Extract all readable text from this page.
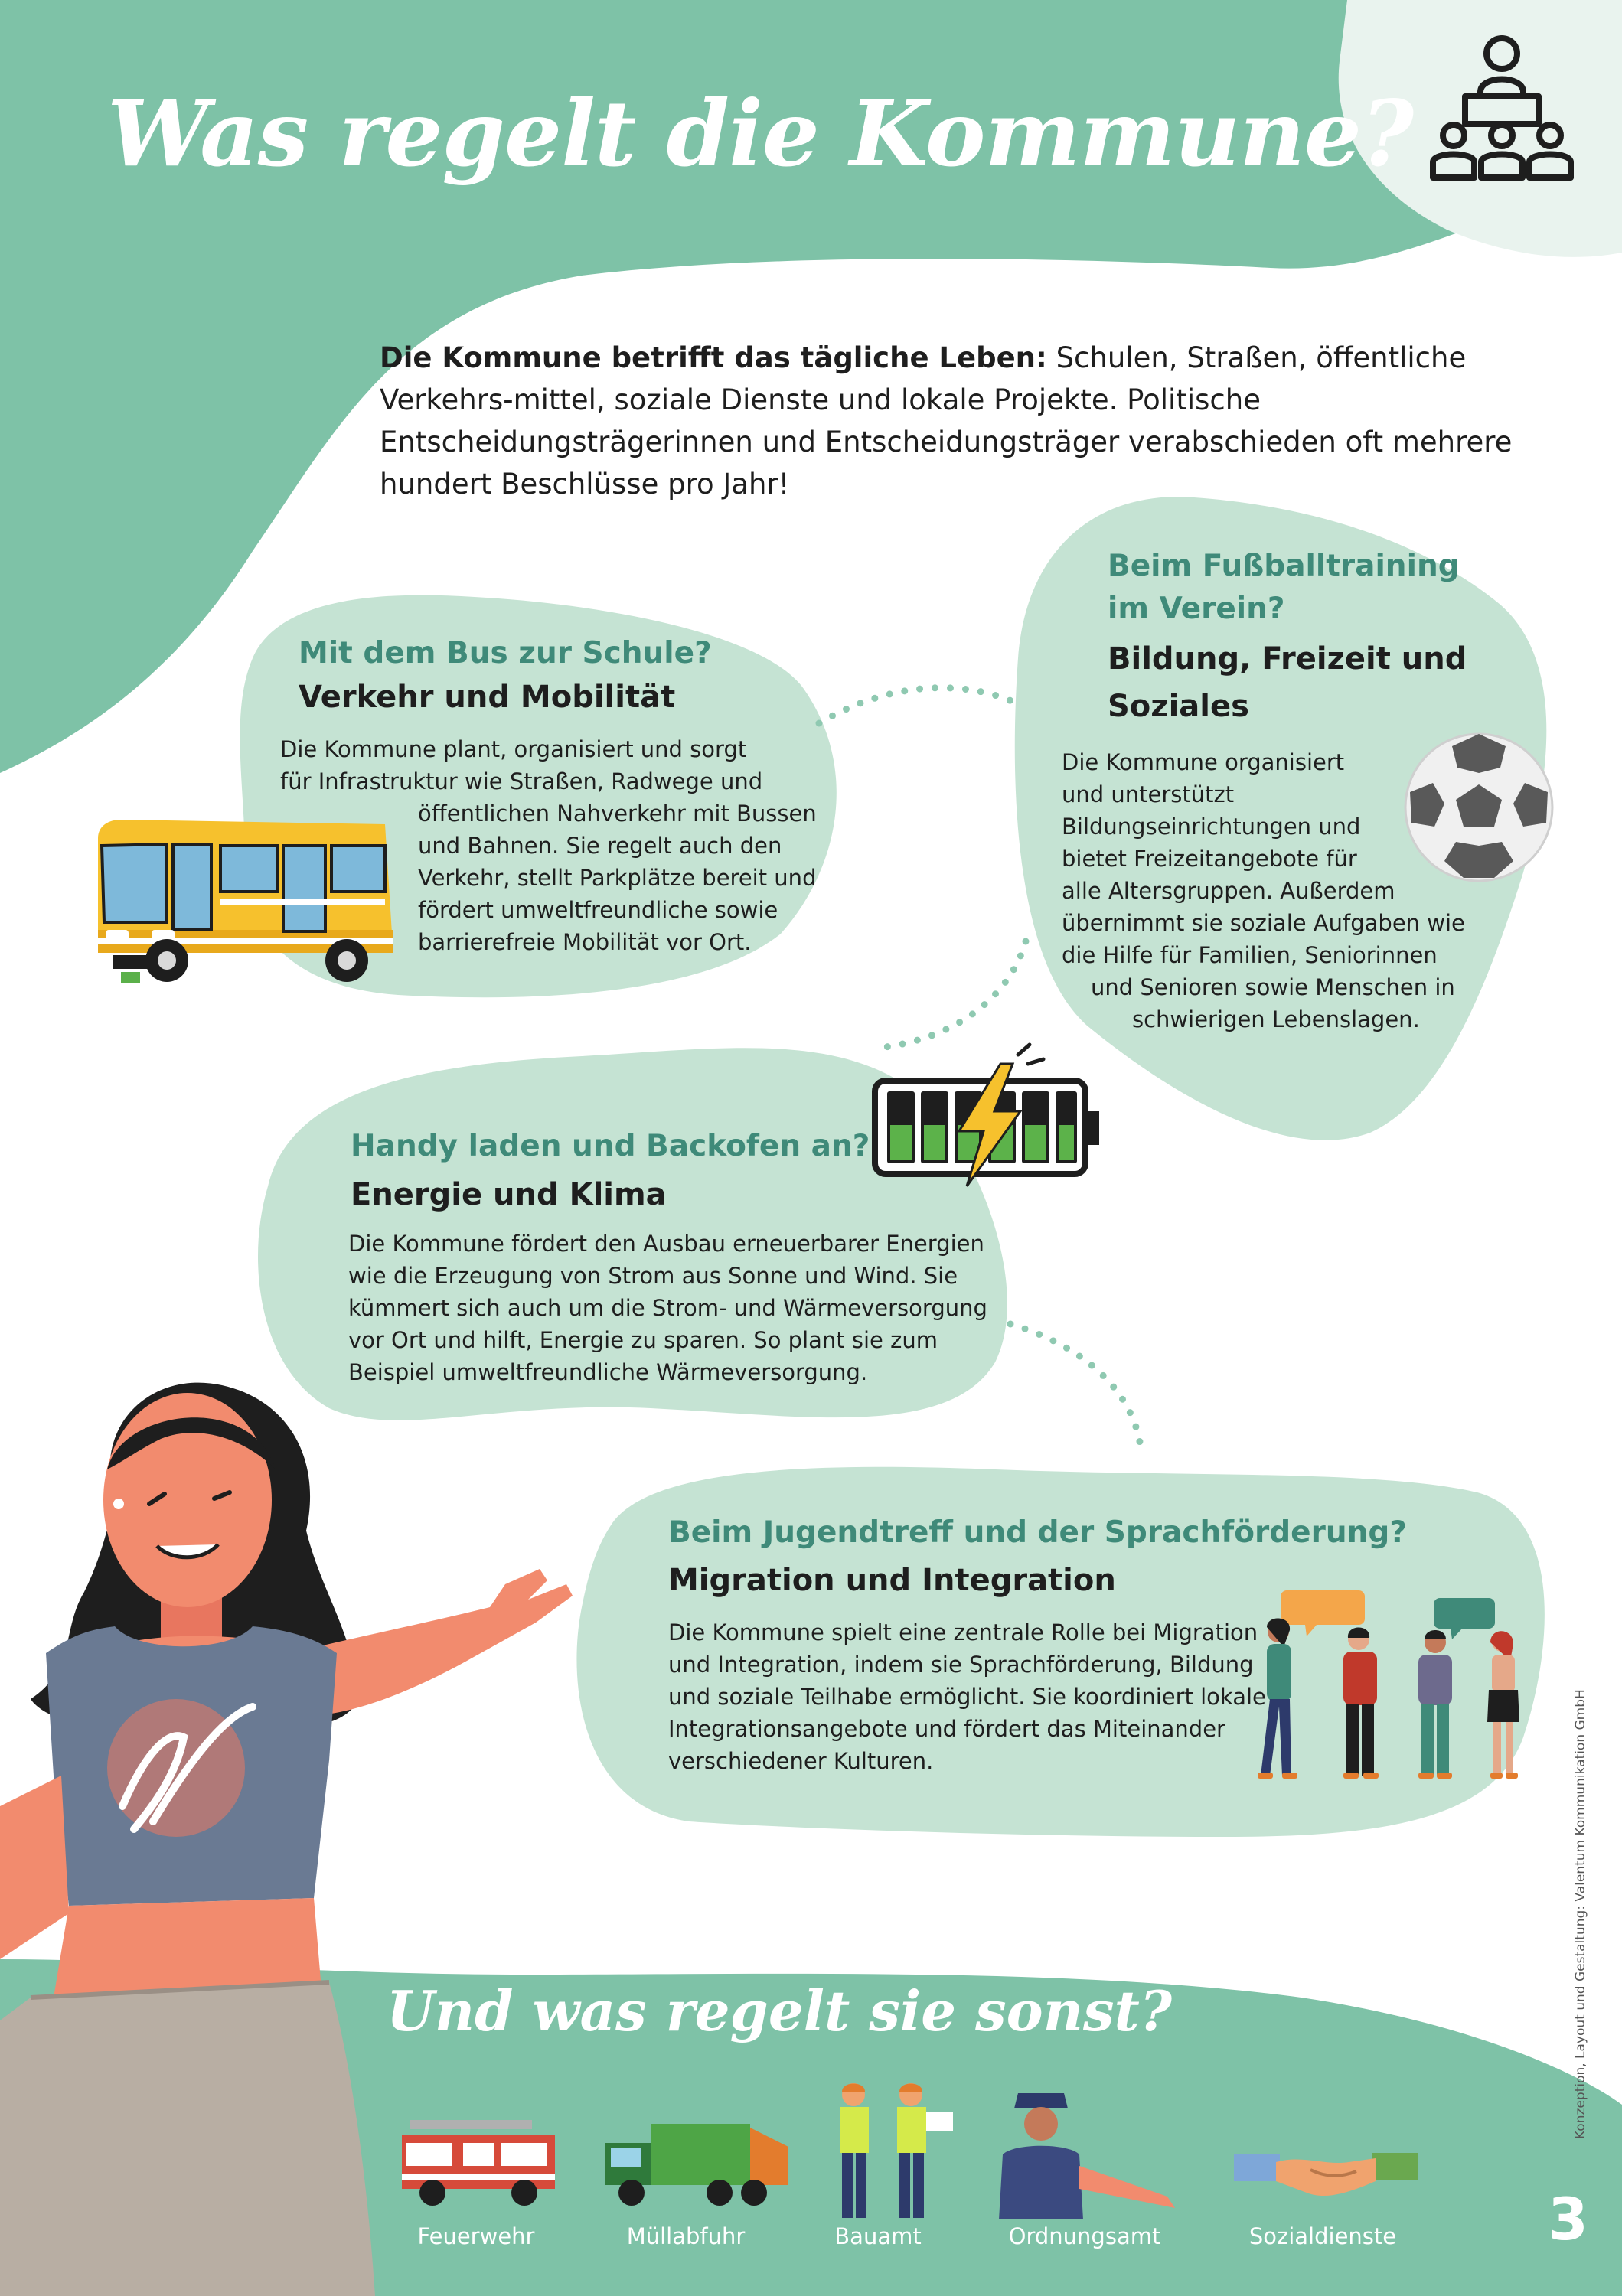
Was regelt die Kommune?
Die Kommune betrifft das tägliche Leben: Schulen, Straßen, öffentliche Verkehrs-mittel, soziale Dienste und lokale Projekte. Politische Entscheidungsträgerinnen und Entscheidungsträger verabschieden oft mehrere hundert Beschlüsse pro Jahr!
Mit dem Bus zur Schule?
Verkehr und Mobilität
Die Kommune plant, organisiert und sorgt
für Infrastruktur wie Straßen, Radwege und
öffentlichen Nahverkehr mit Bussen
und Bahnen. Sie regelt auch den
Verkehr, stellt Parkplätze bereit und
fördert umweltfreundliche sowie
barrierefreie Mobilität vor Ort.
Beim Fußballtraining
im Verein?
Bildung, Freizeit und
Soziales
Die Kommune organisiert
und unterstützt
Bildungseinrichtungen und
bietet Freizeitangebote für
alle Altersgruppen. Außerdem
übernimmt sie soziale Aufgaben wie
die Hilfe für Familien, Seniorinnen
und Senioren sowie Menschen in
schwierigen Lebenslagen.
Handy laden und Backofen an?
Energie und Klima
Die Kommune fördert den Ausbau erneuerbarer Energien
wie die Erzeugung von Strom aus Sonne und Wind. Sie
kümmert sich auch um die Strom- und Wärmeversorgung
vor Ort und hilft, Energie zu sparen. So plant sie zum
Beispiel umweltfreundliche Wärmeversorgung.
Beim Jugendtreff und der Sprachförderung?
Migration und Integration
Die Kommune spielt eine zentrale Rolle bei Migration
und Integration, indem sie Sprachförderung, Bildung
und soziale Teilhabe ermöglicht. Sie koordiniert lokale
Integrationsangebote und fördert das Miteinander
verschiedener Kulturen.
Und was regelt sie sonst?
Feuerwehr	Müllabfuhr	Bauamt	Ordnungsamt	Sozialdienste	3
Konzeption, Layout und Gestaltung: Valentum Kommunikation GmbH
